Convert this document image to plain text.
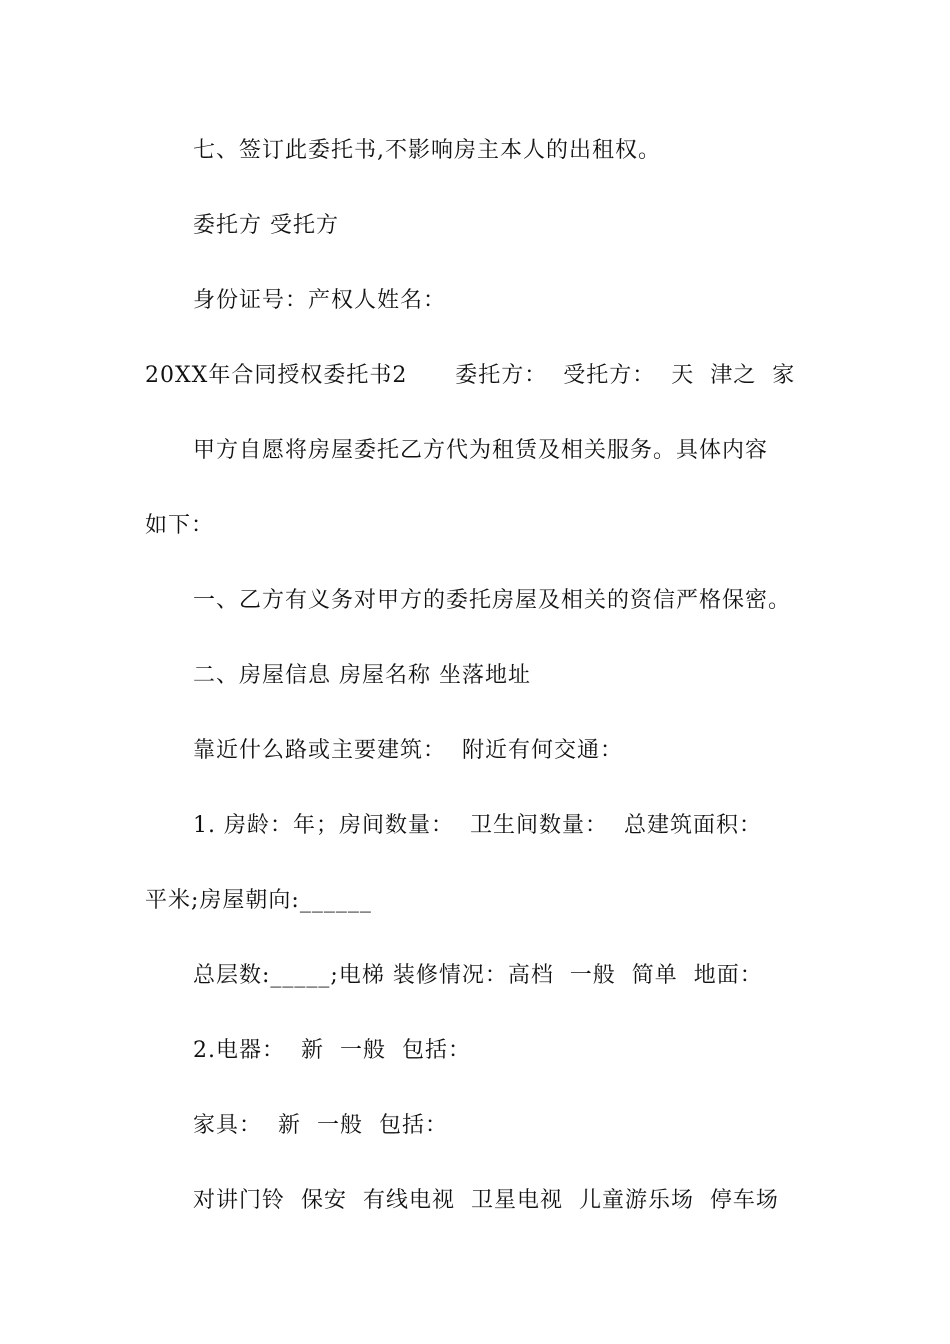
七、签订此委托书,不影响房主本人的出租权。
委托方 受托方
身份证号：产权人姓名：
20XX年合同授权委托书2      委托方：  受托方：  天  津之  家
甲方自愿将房屋委托乙方代为租赁及相关服务。具体内容
如下：
一、乙方有义务对甲方的委托房屋及相关的资信严格保密。
二、房屋信息 房屋名称 坐落地址
靠近什么路或主要建筑：  附近有何交通：
1. 房龄：年；房间数量：  卫生间数量：  总建筑面积：
平米;房屋朝向:______
总层数:_____;电梯 装修情况：高档  一般  简单  地面：
2.电器：  新  一般  包括：
家具：  新  一般  包括：
对讲门铃  保安  有线电视  卫星电视  儿童游乐场  停车场
